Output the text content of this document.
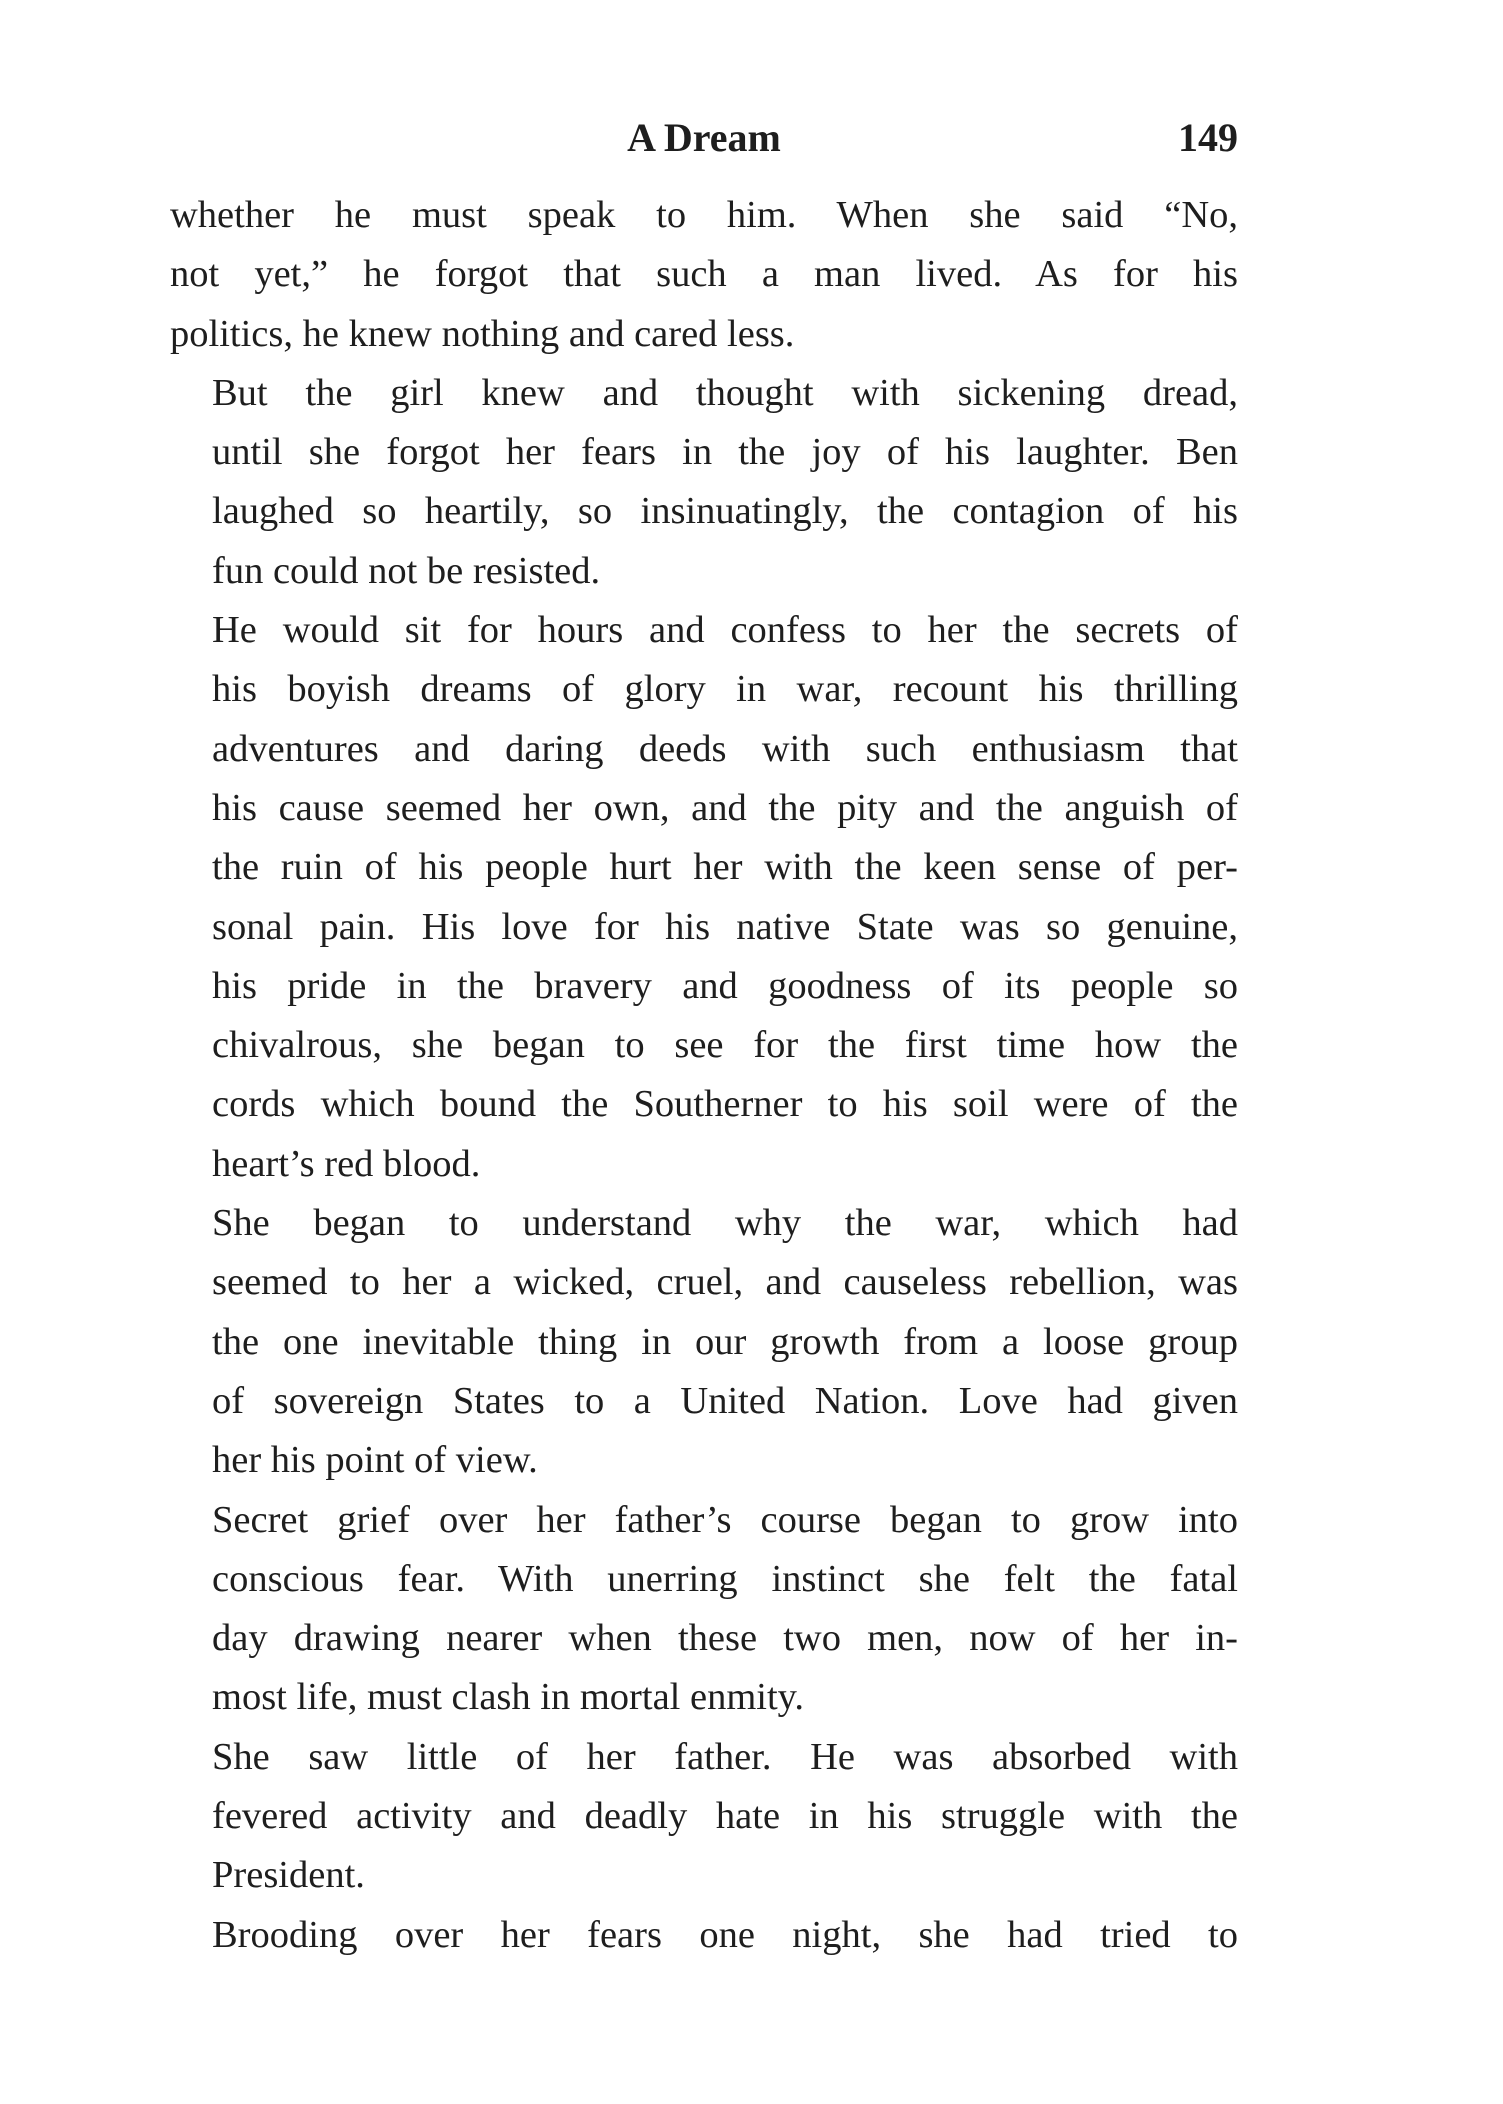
A Dream	149

whether he must speak to him. When she said “No,
not yet,” he forgot that such a man lived. As for his
politics, he knew nothing and cared less.

But the girl knew and thought with sickening dread,
until she forgot her fears in the joy of his laughter. Ben
laughed so heartily, so insinuatingly, the contagion of his
fun could not be resisted.

He would sit for hours and confess to her the secrets of
his boyish dreams of glory in war, recount his thrilling
adventures and daring deeds with such enthusiasm that
his cause seemed her own, and the pity and the anguish of
the ruin of his people hurt her with the keen sense of per-
sonal pain. His love for his native State was so genuine,
his pride in the bravery and goodness of its people so
chivalrous, she began to see for the first time how the
cords which bound the Southerner to his soil were of the
heart’s red blood.

She began to understand why the war, which had
seemed to her a wicked, cruel, and causeless rebellion, was
the one inevitable thing in our growth from a loose group
of sovereign States to a United Nation. Love had given
her his point of view.

Secret grief over her father’s course began to grow into
conscious fear. With unerring instinct she felt the fatal
day drawing nearer when these two men, now of her in-
most life, must clash in mortal enmity.

She saw little of her father. He was absorbed with
fevered activity and deadly hate in his struggle with the
President.

Brooding over her fears one night, she had tried to
